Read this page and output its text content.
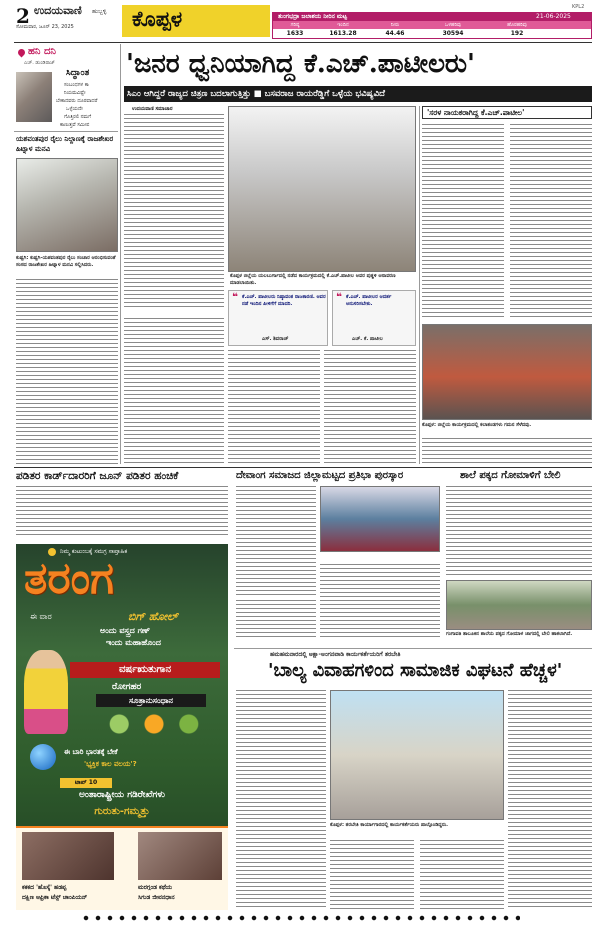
2 ಉದಯವಾಣಿ ಹುಬ್ಬಳ್ಳಿ
ಸೋಮವಾರ, ಜೂನ್ 23, 2025	ಕೊಪ್ಪಳ	KPL2
ತುಂಗಭದ್ರಾ ಜಲಾಶಯ ನೀರಿನ ಮಟ್ಟ	21-06-2025
ಗರಿಷ್ಠ	ಇಂದಿನ	ನೀರು	ಒಳಹರಿವು	ಹೊರಹರಿವು
1633	1613.28	44.46	30594	192
ಹನಿ ದನಿ
ಎಚ್. ಡುಂಡಿರಾಜ್
ಸಿದ್ಧಾಂತ
ಸಂಬಂಧಗಳ ಕಾ
ನಿಯಮವಿಷ್ಟೇ
ಬೇಕಾದವರು ದೂರವಾದರೆ
ಒಳ್ಳೆಯದೇ
ಗೊತ್ತಿರಲಿ ನಮಗೆ
ಕಾಣುತ್ತವೆ ಸಮೀಪ
ಯಶವಂತಪುರ ರೈಲು ನಿಲ್ದಾಣಕ್ಕೆ ರಾಜಶೇಖರ ಹಿಟ್ನಾಳ ಮನವಿ
ಕುಷ್ಟಗಿ: ಕುಷ್ಟಗಿ-ಯಶವಂತಪುರ ರೈಲು ಸಂಚಾರ ಆರಂಭಿಸುವಂತೆ ಸಂಸದ ರಾಜಶೇಖರ ಹಿಟ್ನಾಳ ಮನವಿ ಸಲ್ಲಿಸಿದರು.
'ಜನರ ಧ್ವನಿಯಾಗಿದ್ದ ಕೆ.ಎಚ್.ಪಾಟೀಲರು'
ಸಿಎಂ ಆಗಿದ್ದರೆ ರಾಜ್ಯದ ಚಿತ್ರಣ ಬದಲಾಗುತ್ತಿತ್ತು ■ ಬಸವರಾಜ ರಾಯರೆಡ್ಡಿಗೆ ಒಳ್ಳೆಯ ಭವಿಷ್ಯವಿದೆ
ಉದಯವಾಣಿ ಸಮಾಚಾರ
ಕೊಪ್ಪಳ ಜಿಲ್ಲೆಯ ಯಲಬುರ್ಗಾದಲ್ಲಿ ನಡೆದ ಕಾರ್ಯಕ್ರಮದಲ್ಲಿ ಕೆ.ಎಚ್.ಪಾಟೀಲ ಅವರ ಪುತ್ಥಳಿ ಅನಾವರಣ ಮಾಡಲಾಯಿತು.
❝ ಕೆ.ಎಚ್. ಪಾಟೀಲರು ನಿಷ್ಠಾವಂತ ರಾಜಕಾರಣಿ. ಅವರ ನಡೆ ಇಂದಿನ ಪೀಳಿಗೆಗೆ ಮಾದರಿ.
ಎಸ್. ಶಿವರಾಜ್
❝ ಕೆ.ಎಚ್. ಪಾಟೀಲರ ಆದರ್ಶ ಅನುಸರಿಸಬೇಕು.
ಎಚ್. ಕೆ. ಪಾಟೀಲ
'ಸರಳ ನಾಯಕರಾಗಿದ್ದ ಕೆ.ಎಚ್.ಪಾಟೀಲ'
ಕೊಪ್ಪಳ: ಜಿಲ್ಲೆಯ ಕಾರ್ಯಕ್ರಮದಲ್ಲಿ ಕಲಾತಂಡಗಳು ಗಮನ ಸೆಳೆದವು.
ಪಡಿತರ ಕಾರ್ಡ್‌ದಾರರಿಗೆ ಜೂನ್ ಪಡಿತರ ಹಂಚಿಕೆ	ದೇವಾಂಗ ಸಮಾಜದ ಜಿಲ್ಲಾಮಟ್ಟದ ಪ್ರತಿಭಾ ಪುರಸ್ಕಾರ	ಶಾಲೆ ಪಕ್ಕದ ಗೋಮಾಳಿಗೆ ಬೇಲಿ
ಗಂಗಾವತಿ ತಾಲೂಕಿನ ಶಾಲೆಯ ಪಕ್ಕದ ಗೋಮಾಳ ಜಾಗದಲ್ಲಿ ಬೇಲಿ ಹಾಕಲಾಗಿದೆ.
ಹಮಹಮನಾರದಲ್ಲಿ ಅಕ್ಷಾ-ಅಂಗನವಾಡಿ ಕಾರ್ಯಕರ್ತೆಯರಿಗೆ ತರಬೇತಿ
'ಬಾಲ್ಯ ವಿವಾಹಗಳಿಂದ ಸಾಮಾಜಿಕ ವಿಘಟನೆ ಹೆಚ್ಚಳ'
ಕೊಪ್ಪಳ: ತರಬೇತಿ ಕಾರ್ಯಾಗಾರದಲ್ಲಿ ಕಾರ್ಯಕರ್ತೆಯರು ಪಾಲ್ಗೊಂಡಿದ್ದರು.
ನಿಮ್ಮ ಕುಟುಂಬಕ್ಕೆ ಸಮಗ್ರ ಸಾಪ್ತಾಹಿಕ
ತರಂಗ
ಈ ವಾರ	ಬಿಗ್ ಹೋಲ್
ಅಂದು ವಸ್ತ್ರದ ಗಣ್
ಇಂದು ಮಹಾಹೊಂದ
ವರ್ಷಋತುಗಾನ
ರೋಗಹರ
ಸೂತ್ರಾನುಸಂಧಾನ
ಈ ಬಾರಿ ಭಾರತಕ್ಕೆ ಬೇಕೆ
'ಭ್ಯಕ್ತಿಕ ಕಾಲ ವಲಯ'?
ಟಾಪ್ 10
ಅಂತಾರಾಷ್ಟ್ರೀಯ ಗಡಿರೇಖೆಗಳು
ಗುರುತು-ಗಮ್ಮತ್ತು
ಕಕಕದ 'ಹೊಸ್ಕೆ' ಹಡಪ್ಪ
ದಕ್ಷಿಣ ಆಫ್ರಿಕಾ ಟೆಸ್ಟ್ ಚಾಂಪಿಯನ್
ಮರಗ್ಗಂಡ ಕಥೆಯ
ಸಿಗುಡ ಜೀವನಧಾನ
